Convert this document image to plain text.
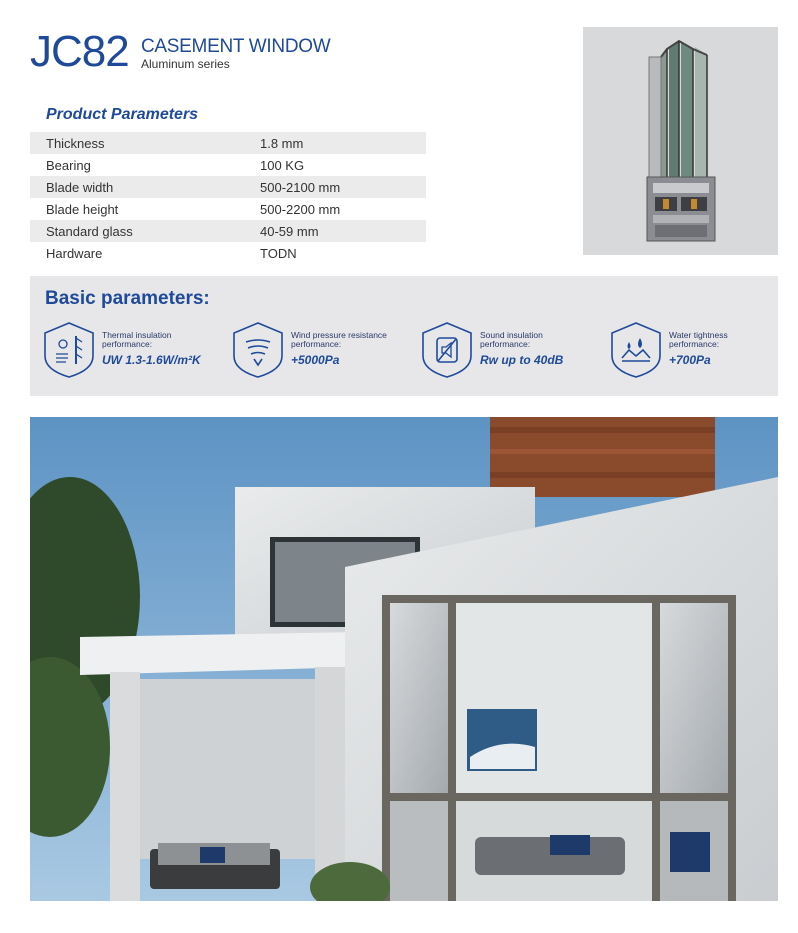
JC82 CASEMENT WINDOW
Aluminum series
Product Parameters
Thickness	1.8 mm
Bearing	100 KG
Blade width	500-2100 mm
Blade height	500-2200 mm
Standard glass	40-59 mm
Hardware	TODN
Basic parameters:
Thermal insulation
performance:
UW 1.3-1.6W/m²K
Wind pressure resistance
performance:
+5000Pa
Sound insulation
performance:
Rw up to 40dB
Water tightness
performance:
+700Pa
